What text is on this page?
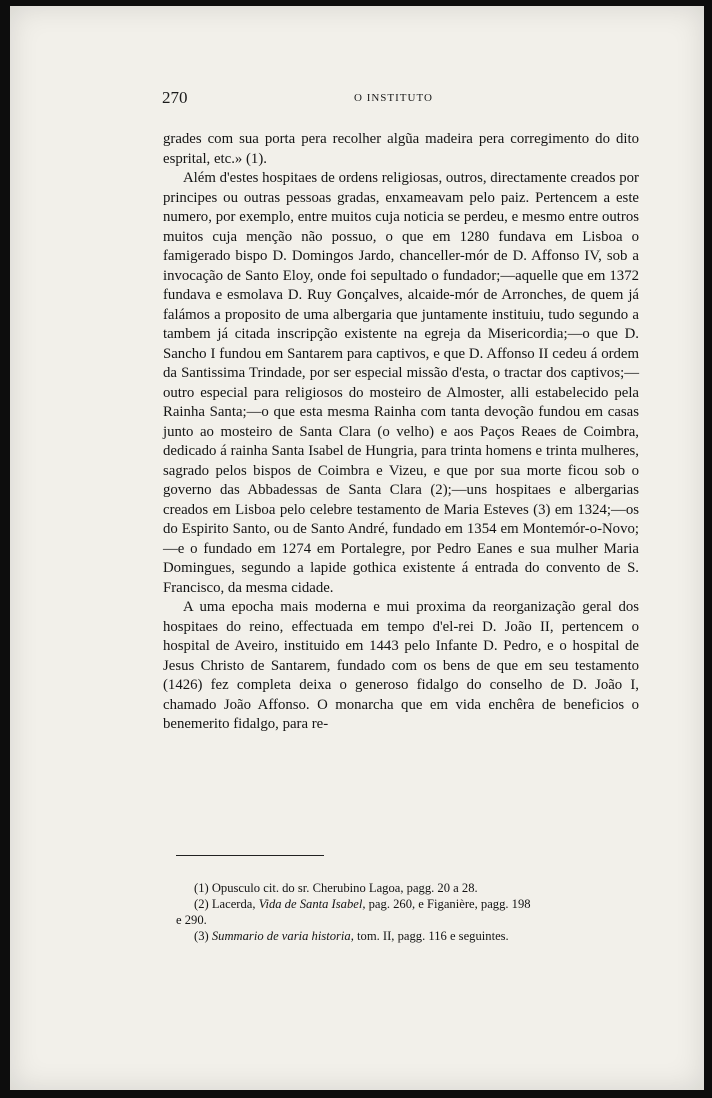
270	O INSTITUTO

grades com sua porta pera recolher algũa madeira pera corregimento do dito esprital, etc.» (1).

Além d'estes hospitaes de ordens religiosas, outros, directamente creados por principes ou outras pessoas gradas, enxameavam pelo paiz. Pertencem a este numero, por exemplo, entre muitos cuja noticia se perdeu, e mesmo entre outros muitos cuja menção não possuo, o que em 1280 fundava em Lisboa o famigerado bispo D. Domingos Jardo, chanceller-mór de D. Affonso IV, sob a invocação de Santo Eloy, onde foi sepultado o fundador;—aquelle que em 1372 fundava e esmolava D. Ruy Gonçalves, alcaide-mór de Arronches, de quem já falámos a proposito de uma albergaria que juntamente instituiu, tudo segundo a tambem já citada inscripção existente na egreja da Misericordia;—o que D. Sancho I fundou em Santarem para captivos, e que D. Affonso II cedeu á ordem da Santissima Trindade, por ser especial missão d'esta, o tractar dos captivos;—outro especial para religiosos do mosteiro de Almoster, alli estabelecido pela Rainha Santa;—o que esta mesma Rainha com tanta devoção fundou em casas junto ao mosteiro de Santa Clara (o velho) e aos Paços Reaes de Coimbra, dedicado á rainha Santa Isabel de Hungria, para trinta homens e trinta mulheres, sagrado pelos bispos de Coimbra e Vizeu, e que por sua morte ficou sob o governo das Abbadessas de Santa Clara (2);—uns hospitaes e albergarias creados em Lisboa pelo celebre testamento de Maria Esteves (3) em 1324;—os do Espirito Santo, ou de Santo André, fundado em 1354 em Montemór-o-Novo;—e o fundado em 1274 em Portalegre, por Pedro Eanes e sua mulher Maria Domingues, segundo a lapide gothica existente á entrada do convento de S. Francisco, da mesma cidade.

A uma epocha mais moderna e mui proxima da reorganização geral dos hospitaes do reino, effectuada em tempo d'el-rei D. João II, pertencem o hospital de Aveiro, instituido em 1443 pelo Infante D. Pedro, e o hospital de Jesus Christo de Santarem, fundado com os bens de que em seu testamento (1426) fez completa deixa o generoso fidalgo do conselho de D. João I, chamado João Affonso. O monarcha que em vida enchêra de beneficios o benemerito fidalgo, para re-

(1) Opusculo cit. do sr. Cherubino Lagoa, pagg. 20 a 28.

(2) Lacerda, Vida de Santa Isabel, pag. 260, e Figanière, pagg. 198

e 290.

(3) Summario de varia historia, tom. II, pagg. 116 e seguintes.
